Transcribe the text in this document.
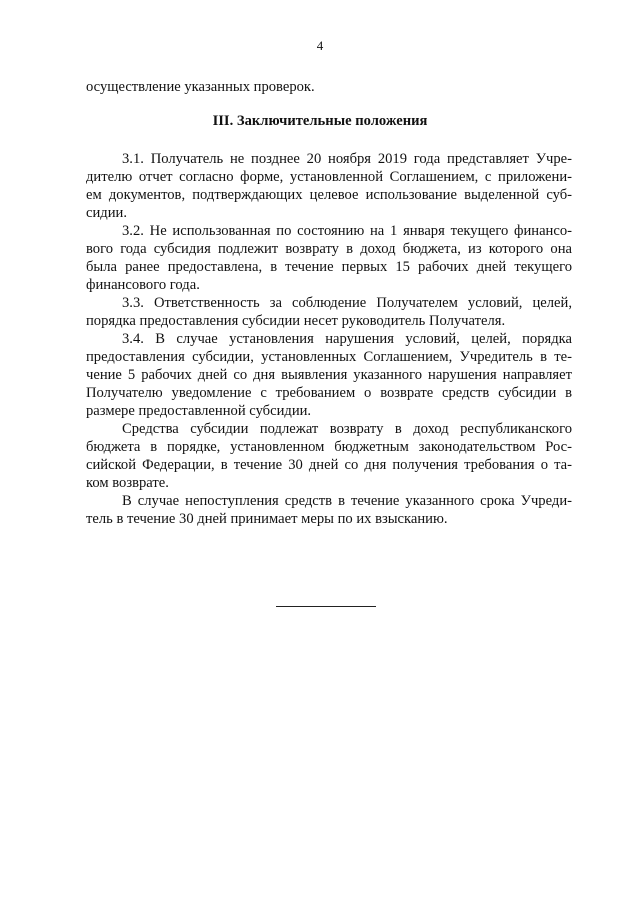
4
осуществление указанных проверок.
III. Заключительные положения
3.1. Получатель не позднее 20 ноября 2019 года представляет Учре-
дителю отчет согласно форме, установленной Соглашением, с приложени-
ем документов, подтверждающих целевое использование выделенной суб-
сидии.
3.2. Не использованная по состоянию на 1 января текущего финансо-
вого года субсидия подлежит возврату в доход бюджета, из которого она
была ранее предоставлена, в течение первых 15 рабочих дней текущего
финансового года.
3.3. Ответственность за соблюдение Получателем условий, целей,
порядка предоставления субсидии несет руководитель Получателя.
3.4. В случае установления нарушения условий, целей, порядка
предоставления субсидии, установленных Соглашением, Учредитель в те-
чение 5 рабочих дней со дня выявления указанного нарушения направляет
Получателю уведомление с требованием о возврате средств субсидии в
размере предоставленной субсидии.
Средства субсидии подлежат возврату в доход республиканского
бюджета в порядке, установленном бюджетным законодательством Рос-
сийской Федерации, в течение 30 дней со дня получения требования о та-
ком возврате.
В случае непоступления средств в течение указанного срока Учреди-
тель в течение 30 дней принимает меры по их взысканию.
